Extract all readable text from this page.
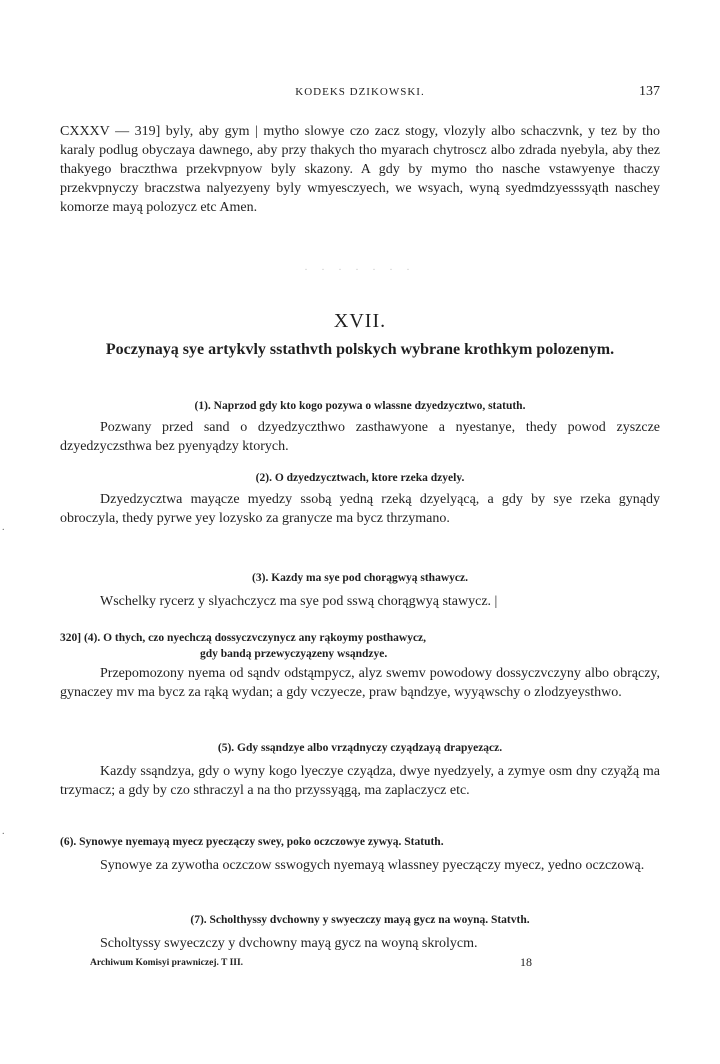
KODEKS DZIKOWSKI.	137
CXXXV — 319] byly, aby gym | mytho slowye czo zacz stogy, vlozyly albo schaczvnk, y tez by tho karaly podlug obyczaya dawnego, aby przy thakych tho myarach chytroscz albo zdrada nyebyla, aby thez thakyego braczthwa przekvpnyow byly skazony. A gdy by mymo tho nasche vstawyenye thaczy przekvpnyczy braczstwa nalyezyeny byly wmyesczyech, we wsyach, wyną syedmdzyesssyąth naschey komorze mayą polozycz etc Amen.
. . . . . . .
XVII.
Poczynayą sye artykvly sstathvth polskych wybrane krothkym polozenym.
(1). Naprzod gdy kto kogo pozywa o wlassne dzyedzycztwo, statuth.
Pozwany przed sand o dzyedzyczthwo zasthawyone a nyestanye, thedy powod zyszcze dzyedzyczsthwa bez pyenyądzy ktorych.
(2). O dzyedzycztwach, ktore rzeka dzyely.
Dzyedzycztwa mayącze myedzy ssobą yedną rzeką dzyelyącą, a gdy by sye rzeka gynądy obroczyla, thedy pyrwe yey lozysko za granycze ma bycz thrzymano.
(3). Kazdy ma sye pod chorągwyą sthawycz.
Wschelky rycerz y slyachczycz ma sye pod sswą chorągwyą stawycz. |
320] (4). O thych, czo nyechczą dossyczvczynycz any rąkoymy posthawycz,
gdy bandą przewyczyązeny wsąndzye.
Przepomozony nyema od sąndv odstąmpycz, alyz swemv powodowy dossyczvczyny albo obrączy, gynaczey mv ma bycz za rąką wydan; a gdy vczyecze, praw bąndzye, wyyąwschy o zlodzyeysthwo.
(5). Gdy ssąndzye albo vrządnyczy czyądzayą drapyezącz.
Kazdy ssąndzya, gdy o wyny kogo lyeczye czyądza, dwye nyedzyely, a zymye osm dny czyąžą ma trzymacz; a gdy by czo sthraczyl a na tho przyssyągą, ma zaplaczycz etc.
(6). Synowye nyemayą myecz pyeczączy swey, poko oczczowye zywyą. Statuth.
Synowye za zywotha oczczow sswogych nyemayą wlassney pyeczączy myecz, yedno oczczową.
(7). Scholthyssy dvchowny y swyeczczy mayą gycz na woyną. Statvth.
Scholtyssy swyeczczy y dvchowny mayą gycz na woyną skrolycm.
Archiwum Komisyi prawniczej. T III.	18
.
.
